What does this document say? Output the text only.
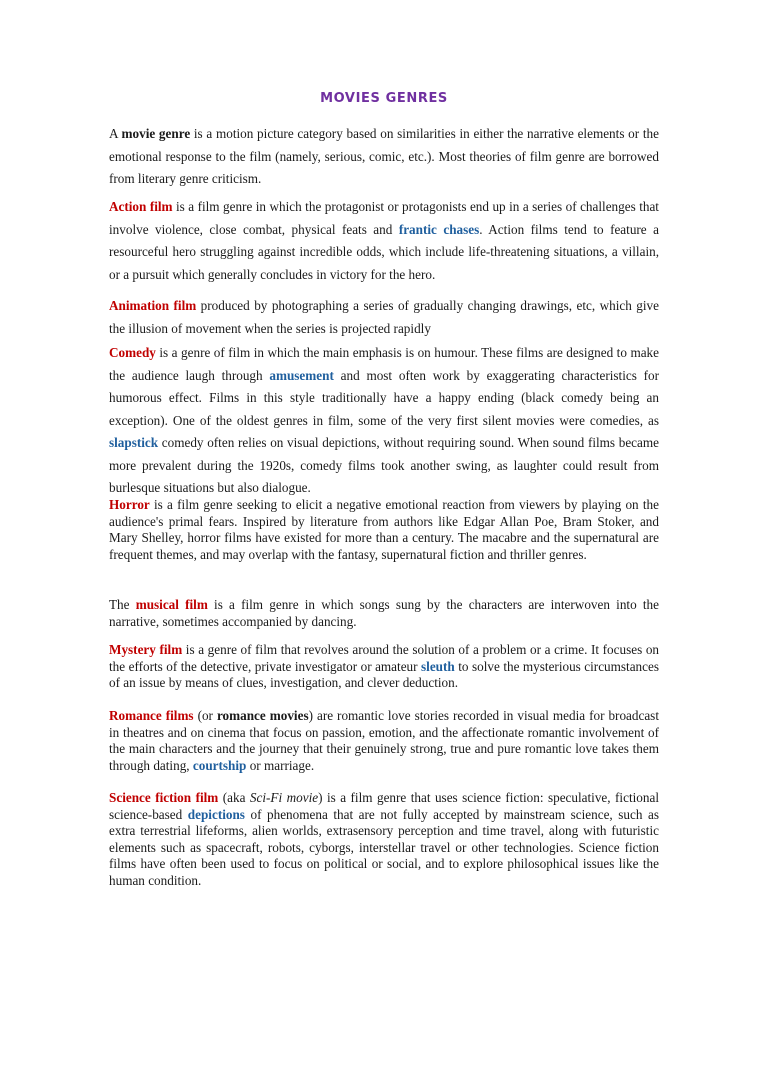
MOVIES GENRES

A movie genre is a motion picture category based on similarities in either the narrative elements or the emotional response to the film (namely, serious, comic, etc.). Most theories of film genre are borrowed from literary genre criticism.

Action film is a film genre in which the protagonist or protagonists end up in a series of challenges that involve violence, close combat, physical feats and frantic chases. Action films tend to feature a resourceful hero struggling against incredible odds, which include life-threatening situations, a villain, or a pursuit which generally concludes in victory for the hero.

Animation film produced by photographing a series of gradually changing drawings, etc, which give the illusion of movement when the series is projected rapidly

Comedy is a genre of film in which the main emphasis is on humour. These films are designed to make the audience laugh through amusement and most often work by exaggerating characteristics for humorous effect. Films in this style traditionally have a happy ending (black comedy being an exception). One of the oldest genres in film, some of the very first silent movies were comedies, as slapstick comedy often relies on visual depictions, without requiring sound. When sound films became more prevalent during the 1920s, comedy films took another swing, as laughter could result from burlesque situations but also dialogue.

Horror is a film genre seeking to elicit a negative emotional reaction from viewers by playing on the audience's primal fears. Inspired by literature from authors like Edgar Allan Poe, Bram Stoker, and Mary Shelley, horror films have existed for more than a century. The macabre and the supernatural are frequent themes, and may overlap with the fantasy, supernatural fiction and thriller genres.

The musical film is a film genre in which songs sung by the characters are interwoven into the narrative, sometimes accompanied by dancing.

Mystery film is a genre of film that revolves around the solution of a problem or a crime. It focuses on the efforts of the detective, private investigator or amateur sleuth to solve the mysterious circumstances of an issue by means of clues, investigation, and clever deduction.

Romance films (or romance movies) are romantic love stories recorded in visual media for broadcast in theatres and on cinema that focus on passion, emotion, and the affectionate romantic involvement of the main characters and the journey that their genuinely strong, true and pure romantic love takes them through dating, courtship or marriage.

Science fiction film (aka Sci-Fi movie) is a film genre that uses science fiction: speculative, fictional science-based depictions of phenomena that are not fully accepted by mainstream science, such as extra terrestrial lifeforms, alien worlds, extrasensory perception and time travel, along with futuristic elements such as spacecraft, robots, cyborgs, interstellar travel or other technologies. Science fiction films have often been used to focus on political or social, and to explore philosophical issues like the human condition.
